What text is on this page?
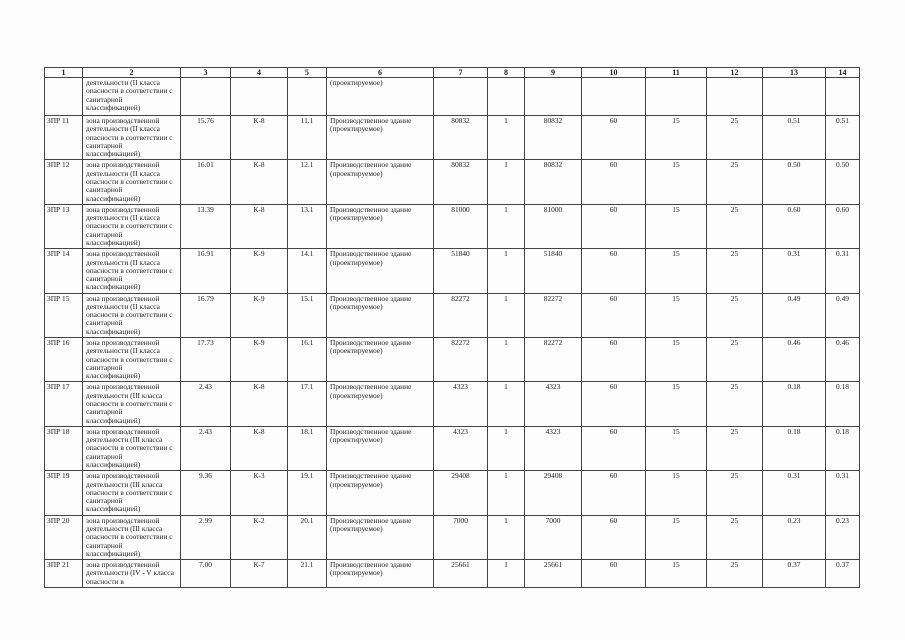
1	2	3	4	5	6	7	8	9	10	11	12	13	14
	деятельности (II класса опасности в соответствии с санитарной классификацией)				(проектируемое)								
ЗПР 11	зона производственной деятельности (II класса опасности в соответствии с санитарной классификацией)	15.76	К-8	11.1	Производственное здание (проектируемое)	80832	1	80832	60	15	25	0.51	0.51
ЗПР 12	зона производственной деятельности (II класса опасности в соответствии с санитарной классификацией)	16.01	К-8	12.1	Производственное здание (проектируемое)	80832	1	80832	60	15	25	0.50	0.50
ЗПР 13	зона производственной деятельности (II класса опасности в соответствии с санитарной классификацией)	13.39	К-8	13.1	Производственное здание (проектируемое)	81000	1	81000	60	15	25	0.60	0.60
ЗПР 14	зона производственной деятельности (II класса опасности в соответствии с санитарной классификацией)	16.91	К-9	14.1	Производственное здание (проектируемое)	51840	1	51840	60	15	25	0.31	0.31
ЗПР 15	зона производственной деятельности (II класса опасности в соответствии с санитарной классификацией)	16.79	К-9	15.1	Производственное здание (проектируемое)	82272	1	82272	60	15	25	0.49	0.49
ЗПР 16	зона производственной деятельности (II класса опасности в соответствии с санитарной классификацией)	17.73	К-9	16.1	Производственное здание (проектируемое)	82272	1	82272	60	15	25	0.46	0.46
ЗПР 17	зона производственной деятельности (III класса опасности в соответствии с санитарной классификацией)	2.43	К-8	17.1	Производственное здание (проектируемое)	4323	1	4323	60	15	25	0.18	0.18
ЗПР 18	зона производственной деятельности (III класса опасности в соответствии с санитарной классификацией)	2.43	К-8	18.1	Производственное здание (проектируемое)	4323	1	4323	60	15	25	0.18	0.18
ЗПР 19	зона производственной деятельности (III класса опасности в соответствии с санитарной классификацией)	9.36	К-3	19.1	Производственное здание (проектируемое)	29408	1	29408	60	15	25	0.31	0.31
ЗПР 20	зона производственной деятельности (III класса опасности в соответствии с санитарной классификацией)	2.99	К-2	20.1	Производственное здание (проектируемое)	7000	1	7000	60	15	25	0.23	0.23
ЗПР 21	зона производственной деятельности (IV - V класса опасности в	7.00	К-7	21.1	Производственное здание (проектируемое)	25661	1	25661	60	15	25	0.37	0.37
